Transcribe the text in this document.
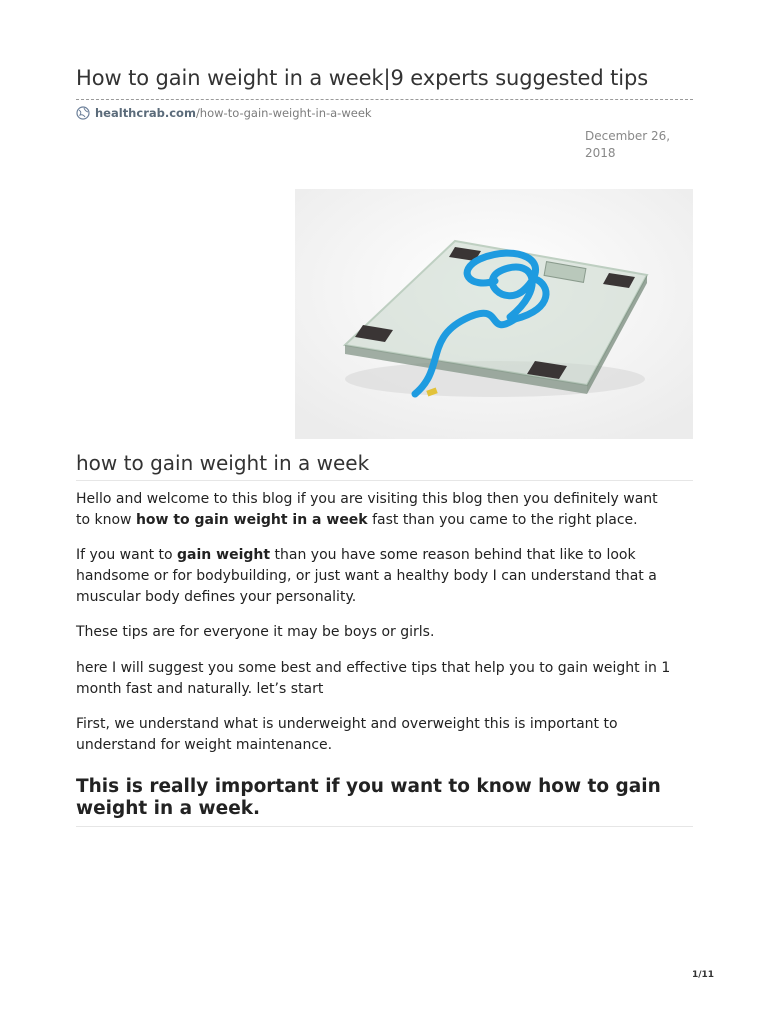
How to gain weight in a week|9 experts suggested tips
healthcrab.com /how-to-gain-weight-in-a-week
December 26, 2018
how to gain weight in a week

Hello and welcome to this blog if you are visiting this blog then you definitely want to know how to gain weight in a week fast than you came to the right place.

If you want to gain weight than you have some reason behind that like to look handsome or for bodybuilding, or just want a healthy body I can understand that a muscular body defines your personality.

These tips are for everyone it may be boys or girls.

here I will suggest you some best and effective tips that help you to gain weight in 1 month fast and naturally. let’s start

First, we understand what is underweight and overweight this is important to understand for weight maintenance.

This is really important if you want to know how to gain weight in a week.
1/11
